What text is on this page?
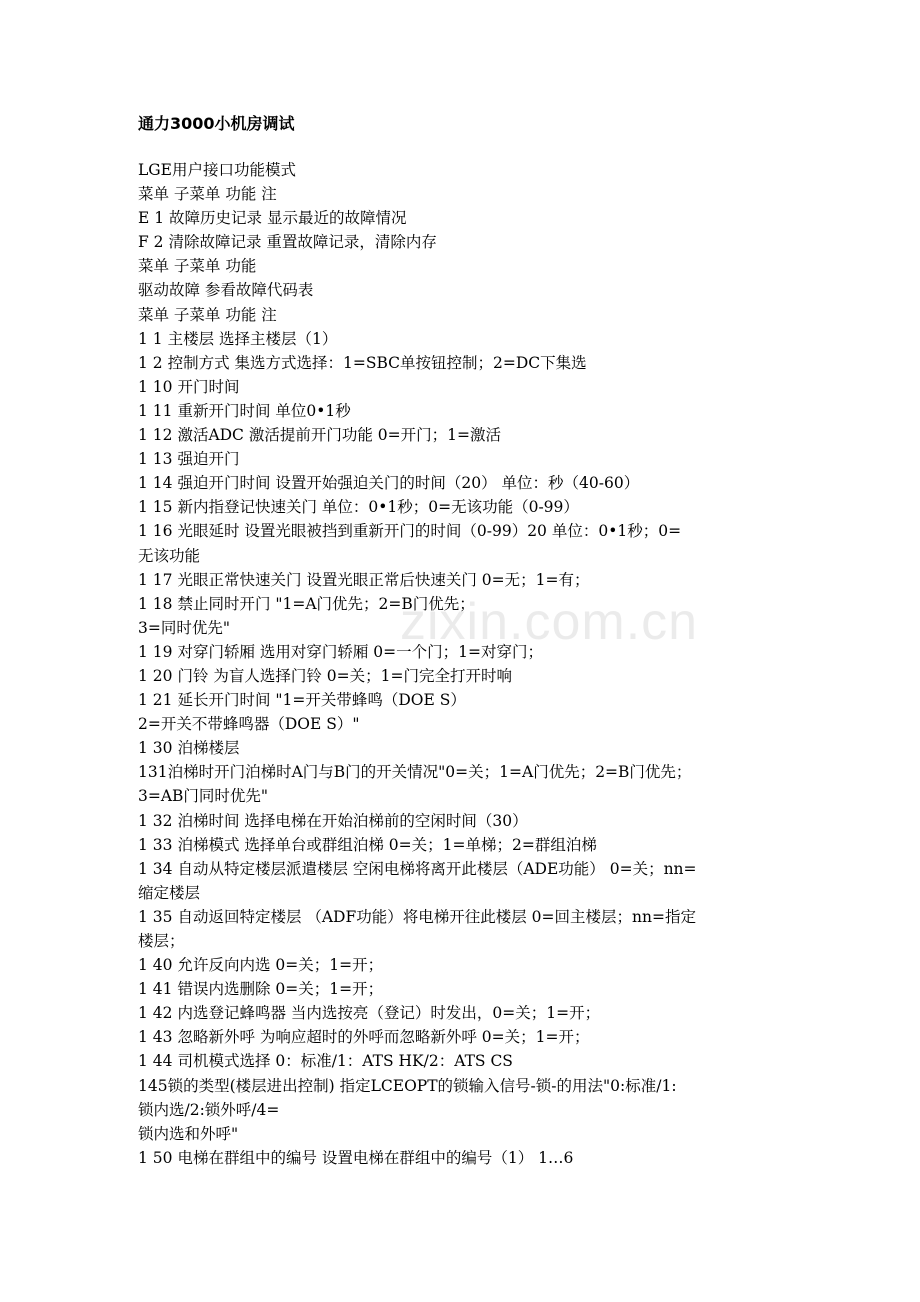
通力3000小机房调试
LGE用户接口功能模式
菜单 子菜单 功能 注
E 1 故障历史记录 显示最近的故障情况
F 2 清除故障记录 重置故障记录，清除内存
菜单 子菜单 功能
驱动故障 参看故障代码表
菜单 子菜单 功能 注
1 1 主楼层 选择主楼层（1）
1 2 控制方式 集选方式选择：1=SBC单按钮控制；2=DC下集选
1 10 开门时间
1 11 重新开门时间 单位0•1秒
1 12 激活ADC 激活提前开门功能 0=开门；1=激活
1 13 强迫开门
1 14 强迫开门时间 设置开始强迫关门的时间（20） 单位：秒（40-60）
1 15 新内指登记快速关门 单位：0•1秒；0=无该功能（0-99）
1 16 光眼延时 设置光眼被挡到重新开门的时间（0-99）20 单位：0•1秒；0=
无该功能
1 17 光眼正常快速关门 设置光眼正常后快速关门 0=无；1=有；
1 18 禁止同时开门 "1=A门优先；2=B门优先；
3=同时优先"
1 19 对穿门轿厢 选用对穿门轿厢 0=一个门；1=对穿门；
1 20 门铃 为盲人选择门铃 0=关；1=门完全打开时响
1 21 延长开门时间 "1=开关带蜂鸣（DOE S）
2=开关不带蜂鸣器（DOE S）"
1 30 泊梯楼层
131泊梯时开门泊梯时A门与B门的开关情况"0=关；1=A门优先；2=B门优先；
3=AB门同时优先"
1 32 泊梯时间 选择电梯在开始泊梯前的空闲时间（30）
1 33 泊梯模式 选择单台或群组泊梯 0=关；1=单梯；2=群组泊梯
1 34 自动从特定楼层派遣楼层 空闲电梯将离开此楼层（ADE功能） 0=关；nn=
缩定楼层
1 35 自动返回特定楼层 （ADF功能）将电梯开往此楼层 0=回主楼层；nn=指定
楼层；
1 40 允许反向内选 0=关；1=开；
1 41 错误内选删除 0=关；1=开；
1 42 内选登记蜂鸣器 当内选按亮（登记）时发出，0=关；1=开；
1 43 忽略新外呼 为响应超时的外呼而忽略新外呼 0=关；1=开；
1 44 司机模式选择 0：标准/1：ATS HK/2：ATS CS
145锁的类型(楼层进出控制) 指定LCEOPT的锁输入信号-锁-的用法"0:标准/1:
锁内选/2:锁外呼/4=
锁内选和外呼"
1 50 电梯在群组中的编号 设置电梯在群组中的编号（1） 1…6
zixin.com.cn
